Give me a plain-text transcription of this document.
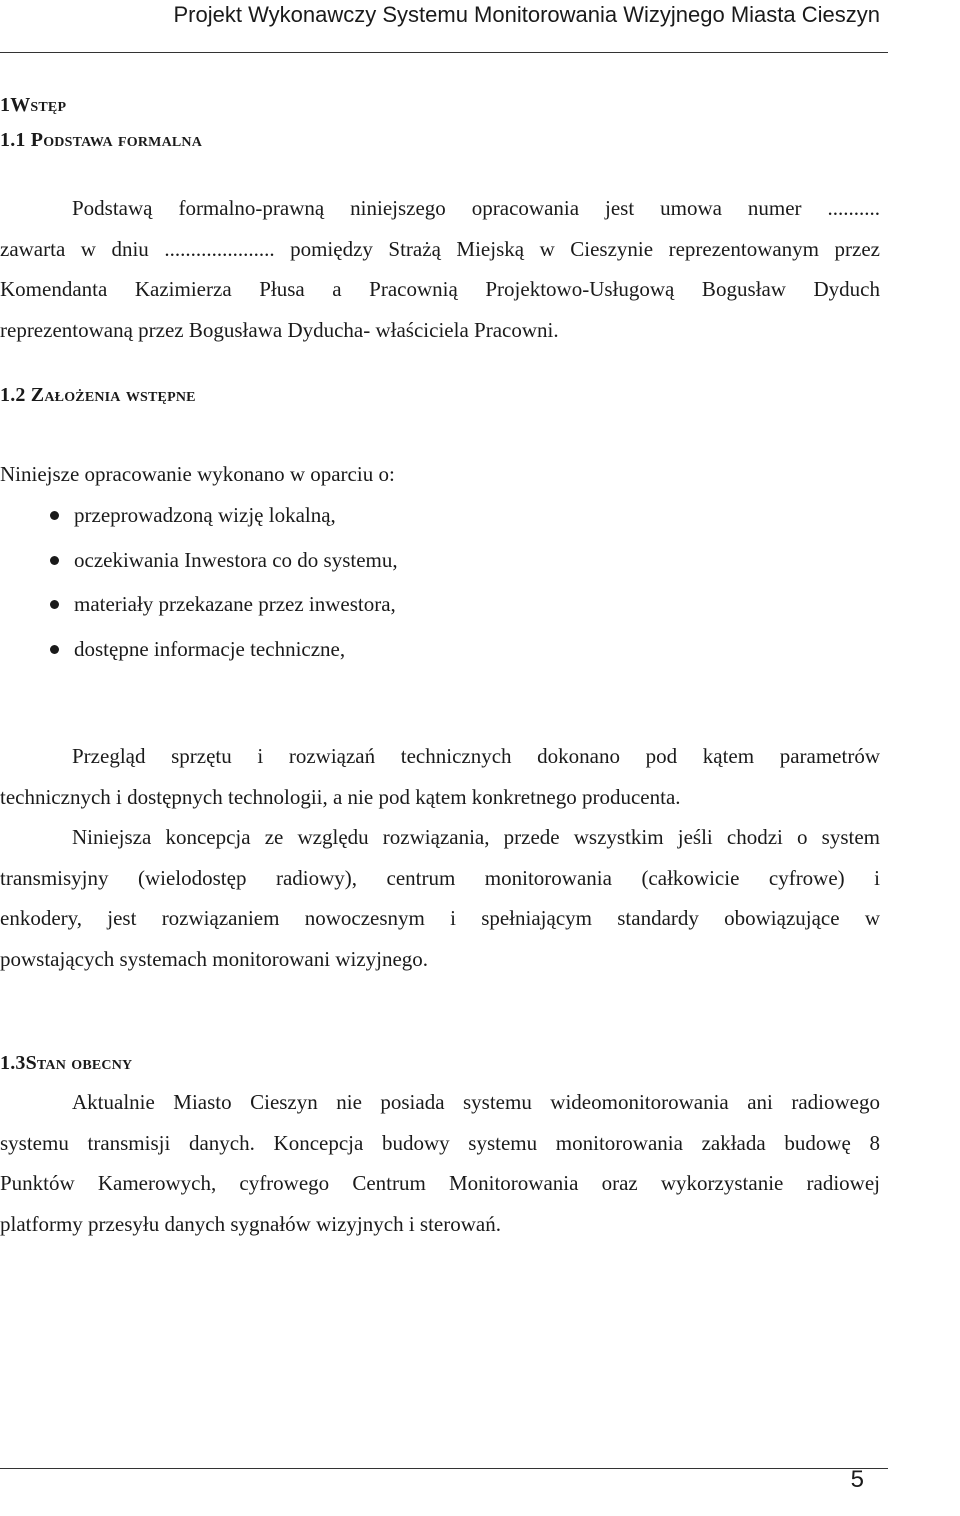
Projekt Wykonawczy Systemu Monitorowania Wizyjnego Miasta Cieszyn
1Wstęp
1.1 Podstawa formalna
Podstawą formalno-prawną niniejszego opracowania jest umowa numer ..........
zawarta w dniu ..................... pomiędzy Strażą Miejską w Cieszynie reprezentowanym przez
Komendanta Kazimierza Płusa a Pracownią Projektowo-Usługową Bogusław Dyduch
reprezentowaną przez Bogusława Dyducha- właściciela Pracowni.
1.2 Założenia wstępne
Niniejsze opracowanie wykonano w oparciu o:
przeprowadzoną wizję lokalną,
oczekiwania Inwestora co do systemu,
materiały przekazane przez inwestora,
dostępne informacje techniczne,
Przegląd sprzętu i rozwiązań technicznych dokonano pod kątem parametrów
technicznych i dostępnych technologii, a nie pod kątem konkretnego producenta.
Niniejsza koncepcja ze względu rozwiązania, przede wszystkim jeśli chodzi o system
transmisyjny (wielodostęp radiowy), centrum monitorowania (całkowicie cyfrowe) i
enkodery, jest rozwiązaniem nowoczesnym i spełniającym standardy obowiązujące w
powstających systemach monitorowani wizyjnego.
1.3Stan obecny
Aktualnie Miasto Cieszyn nie posiada systemu wideomonitorowania ani radiowego
systemu transmisji danych. Koncepcja budowy systemu monitorowania zakłada budowę 8
Punktów Kamerowych, cyfrowego Centrum Monitorowania oraz wykorzystanie radiowej
platformy przesyłu danych sygnałów wizyjnych i sterowań.
5
